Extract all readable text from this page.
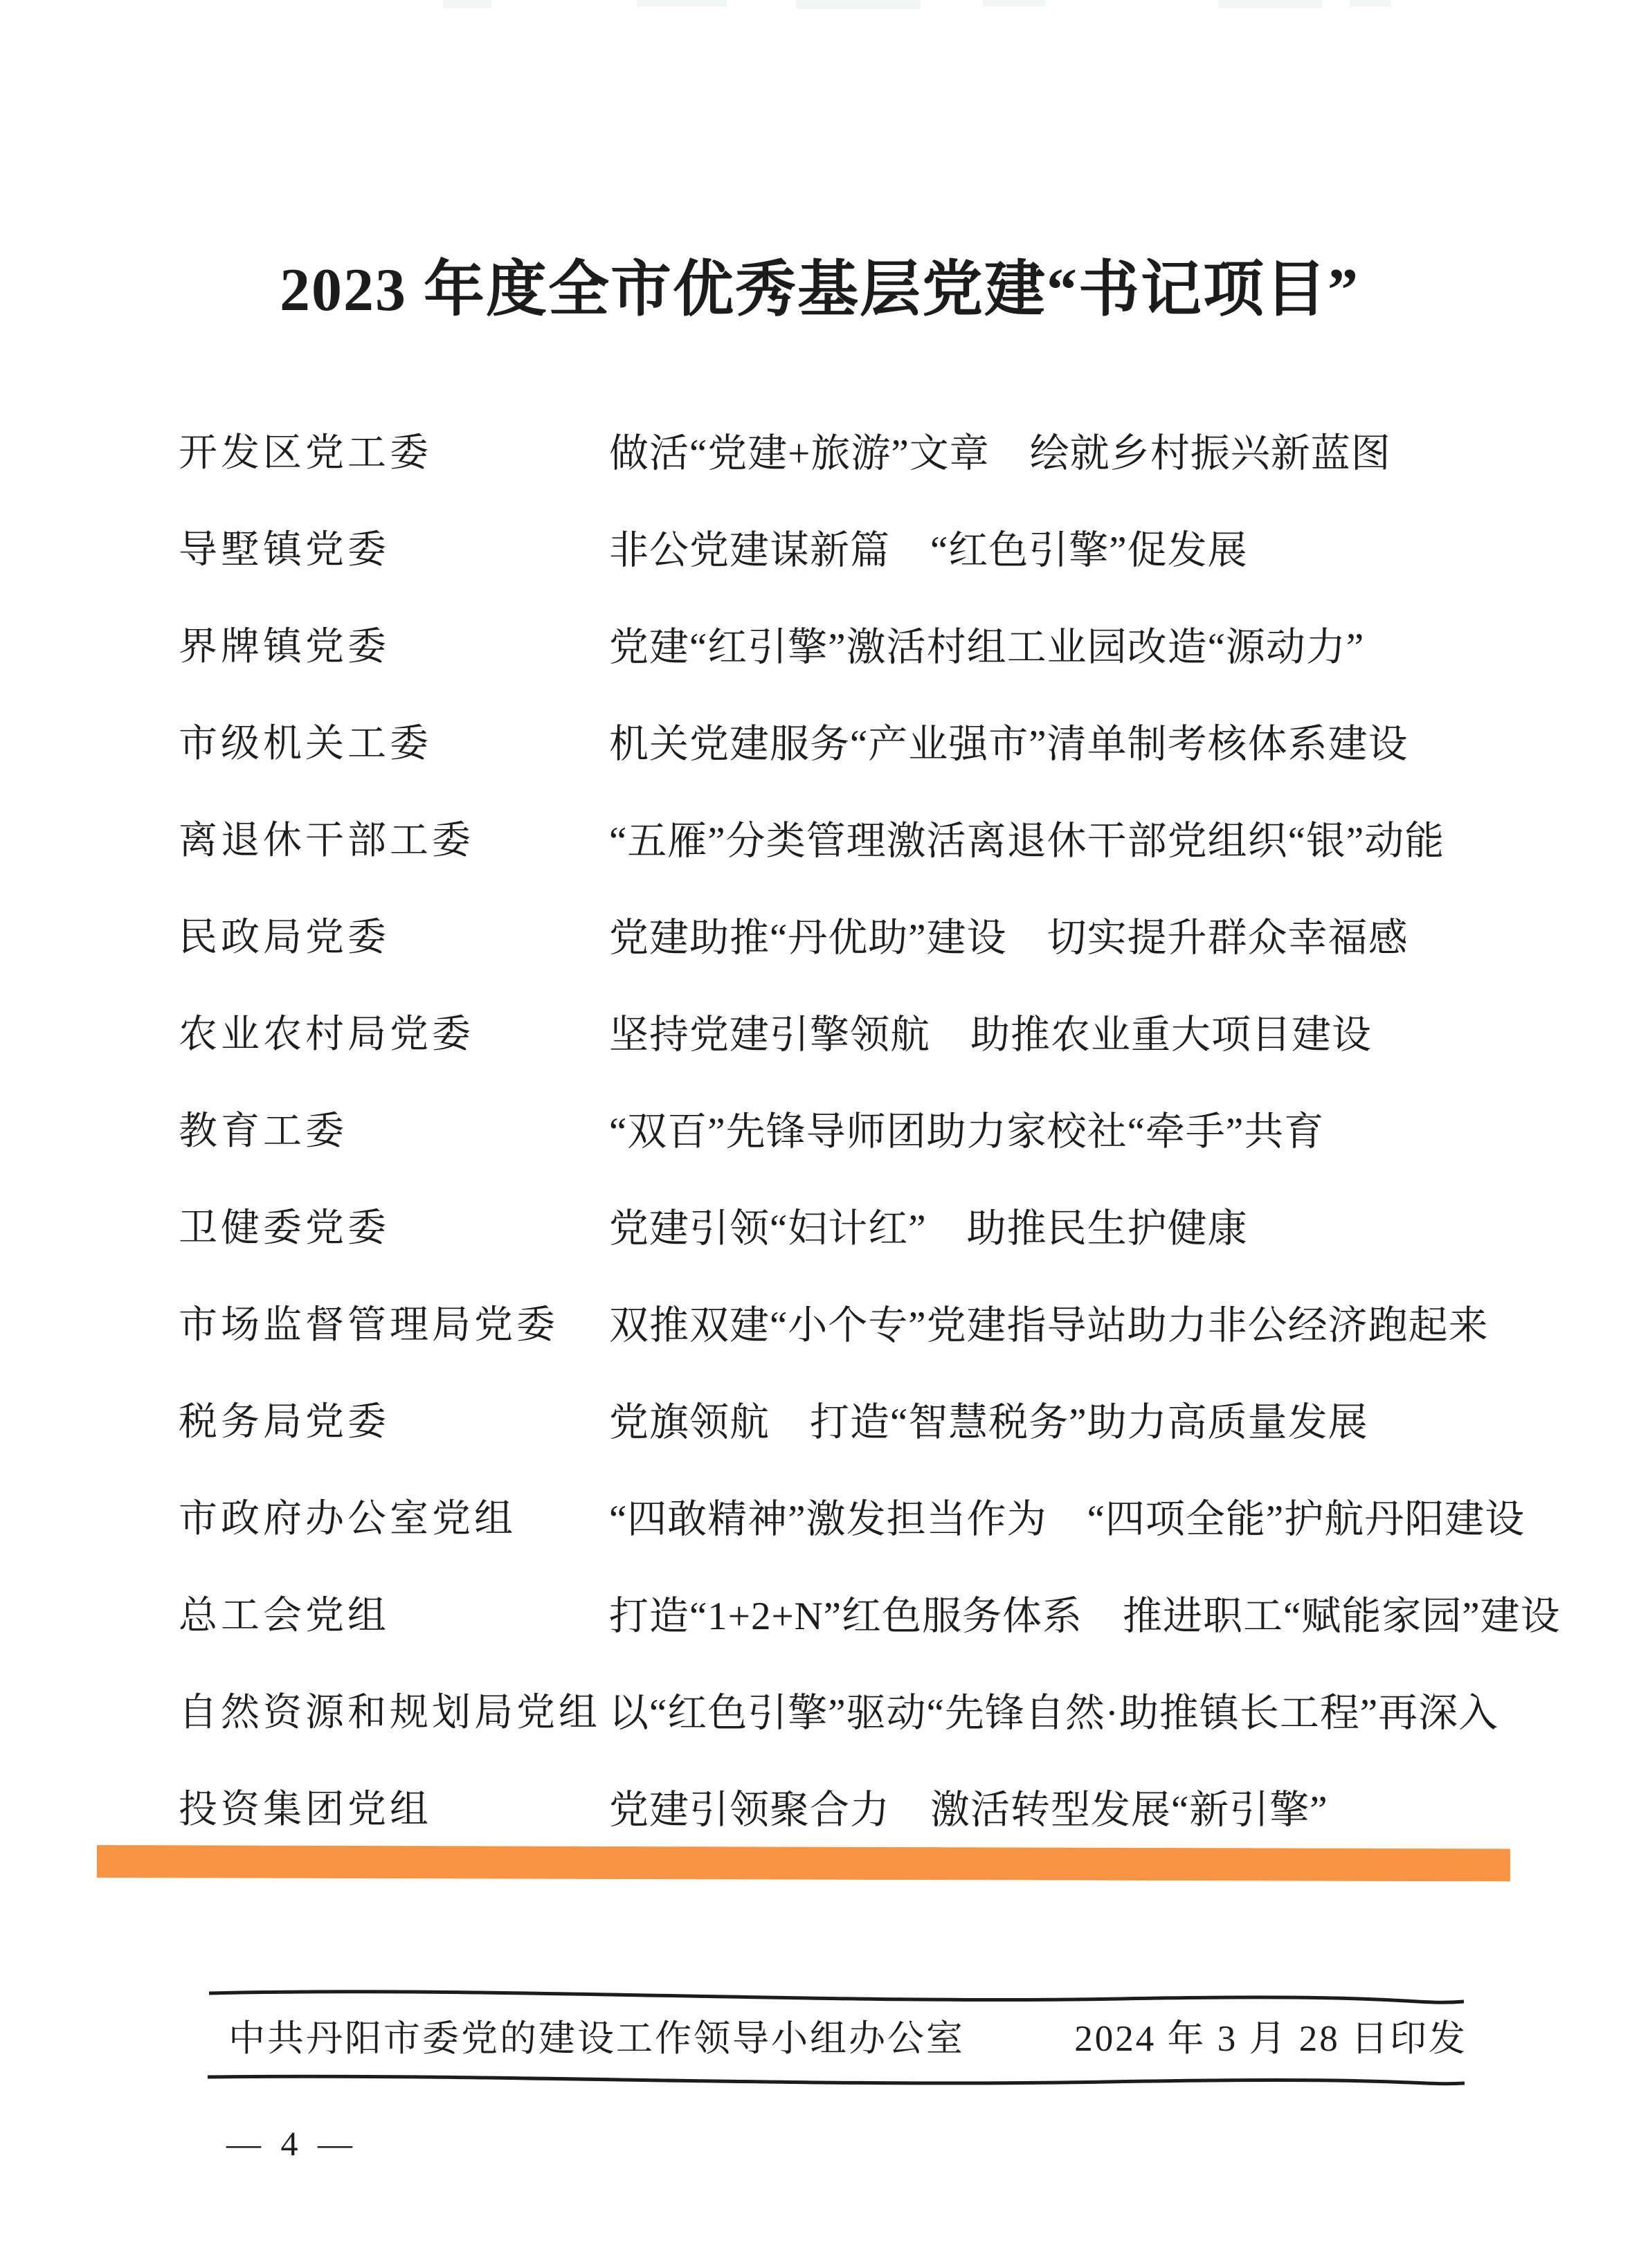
2023 年度全市优秀基层党建“书记项目”
开发区党工委	做活“党建+旅游”文章　绘就乡村振兴新蓝图
导墅镇党委	非公党建谋新篇　“红色引擎”促发展
界牌镇党委	党建“红引擎”激活村组工业园改造“源动力”
市级机关工委	机关党建服务“产业强市”清单制考核体系建设
离退休干部工委	“五雁”分类管理激活离退休干部党组织“银”动能
民政局党委	党建助推“丹优助”建设　切实提升群众幸福感
农业农村局党委	坚持党建引擎领航　助推农业重大项目建设
教育工委	“双百”先锋导师团助力家校社“牵手”共育
卫健委党委	党建引领“妇计红”　助推民生护健康
市场监督管理局党委	双推双建“小个专”党建指导站助力非公经济跑起来
税务局党委	党旗领航　打造“智慧税务”助力高质量发展
市政府办公室党组	“四敢精神”激发担当作为　“四项全能”护航丹阳建设
总工会党组	打造“1+2+N”红色服务体系　推进职工“赋能家园”建设
自然资源和规划局党组 以“红色引擎”驱动“先锋自然·助推镇长工程”再深入
投资集团党组	党建引领聚合力　激活转型发展“新引擎”
中共丹阳市委党的建设工作领导小组办公室	2024 年 3 月 28 日印发
— 4 —
